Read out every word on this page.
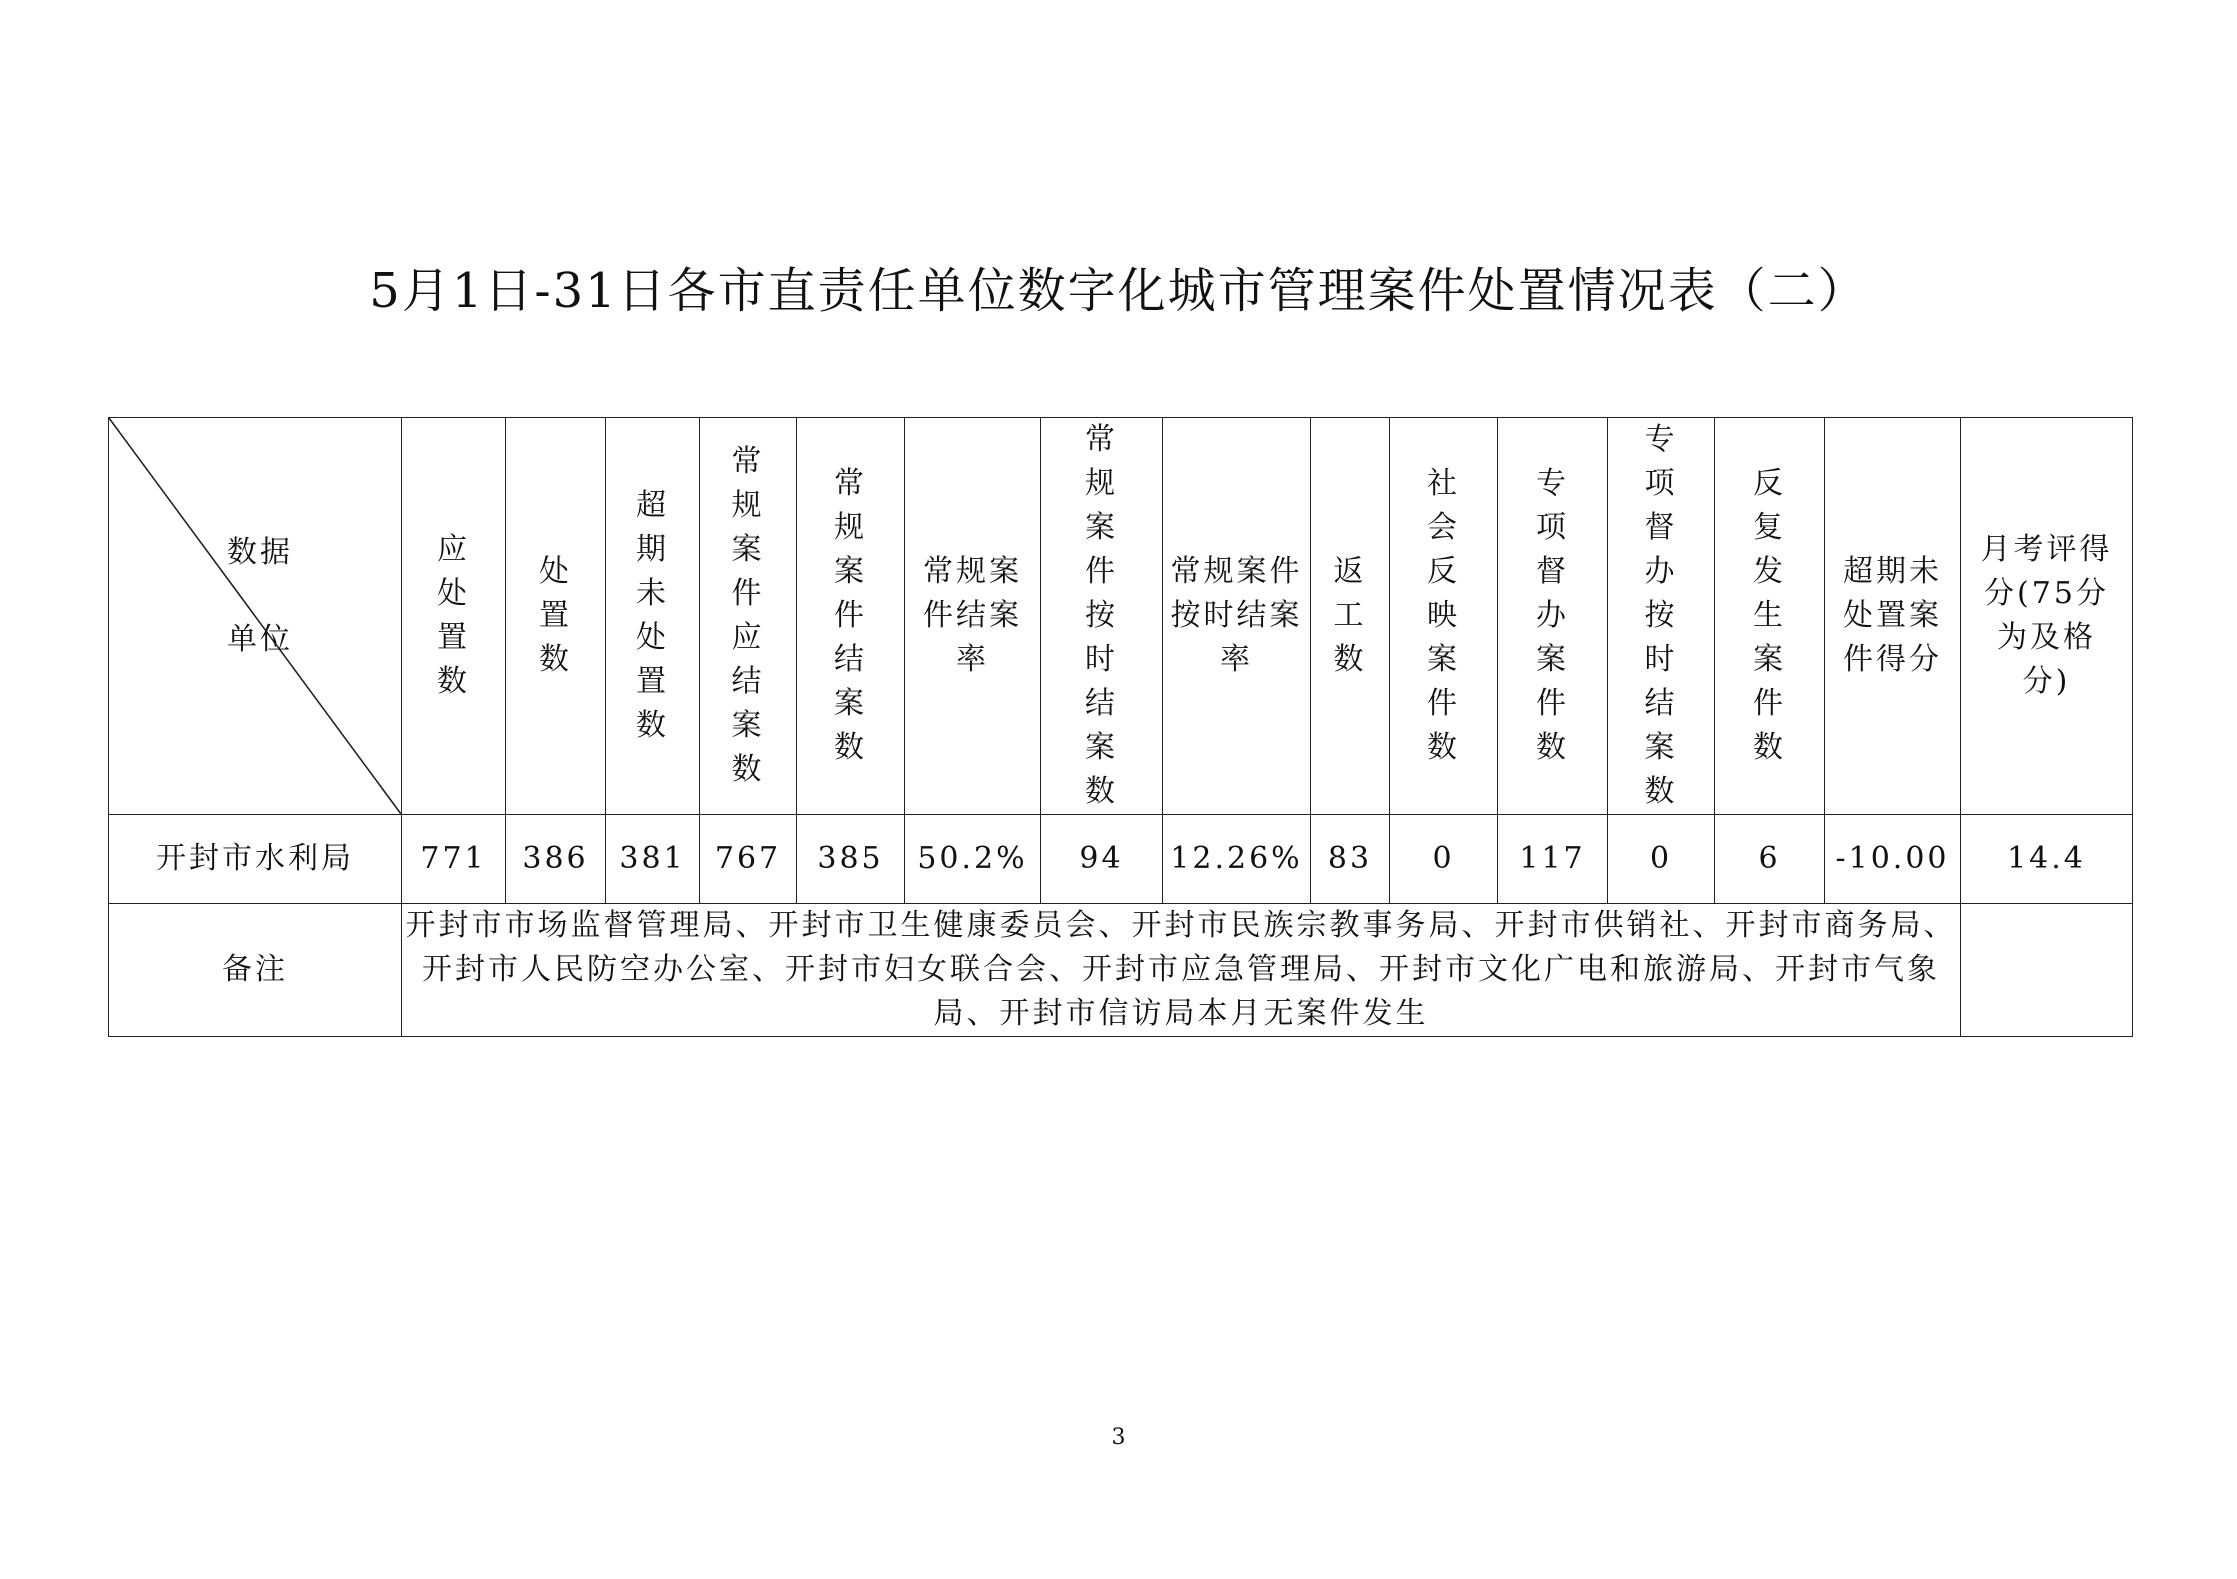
5月1日-31日各市直责任单位数字化城市管理案件处置情况表（二）
数据
单位	应处置数	处置数	超期未处置数	常规案件应结案数	常规案件结案数	常规案件结案率	常规案件按时结案数	常规案件按时结案率	返工数	社会反映案件数	专项督办案件数	专项督办按时结案数	反复发生案件数	超期未处置案件得分	月考评得分(75分为及格分)

开封市水利局	771	386	381	767	385	50.2%	94	12.26%	83	0	117	0	6	-10.00	14.4
备注	开封市市场监督管理局、开封市卫生健康委员会、开封市民族宗教事务局、开封市供销社、开封市商务局、开封市人民防空办公室、开封市妇女联合会、开封市应急管理局、开封市文化广电和旅游局、开封市气象局、开封市信访局本月无案件发生														
3
